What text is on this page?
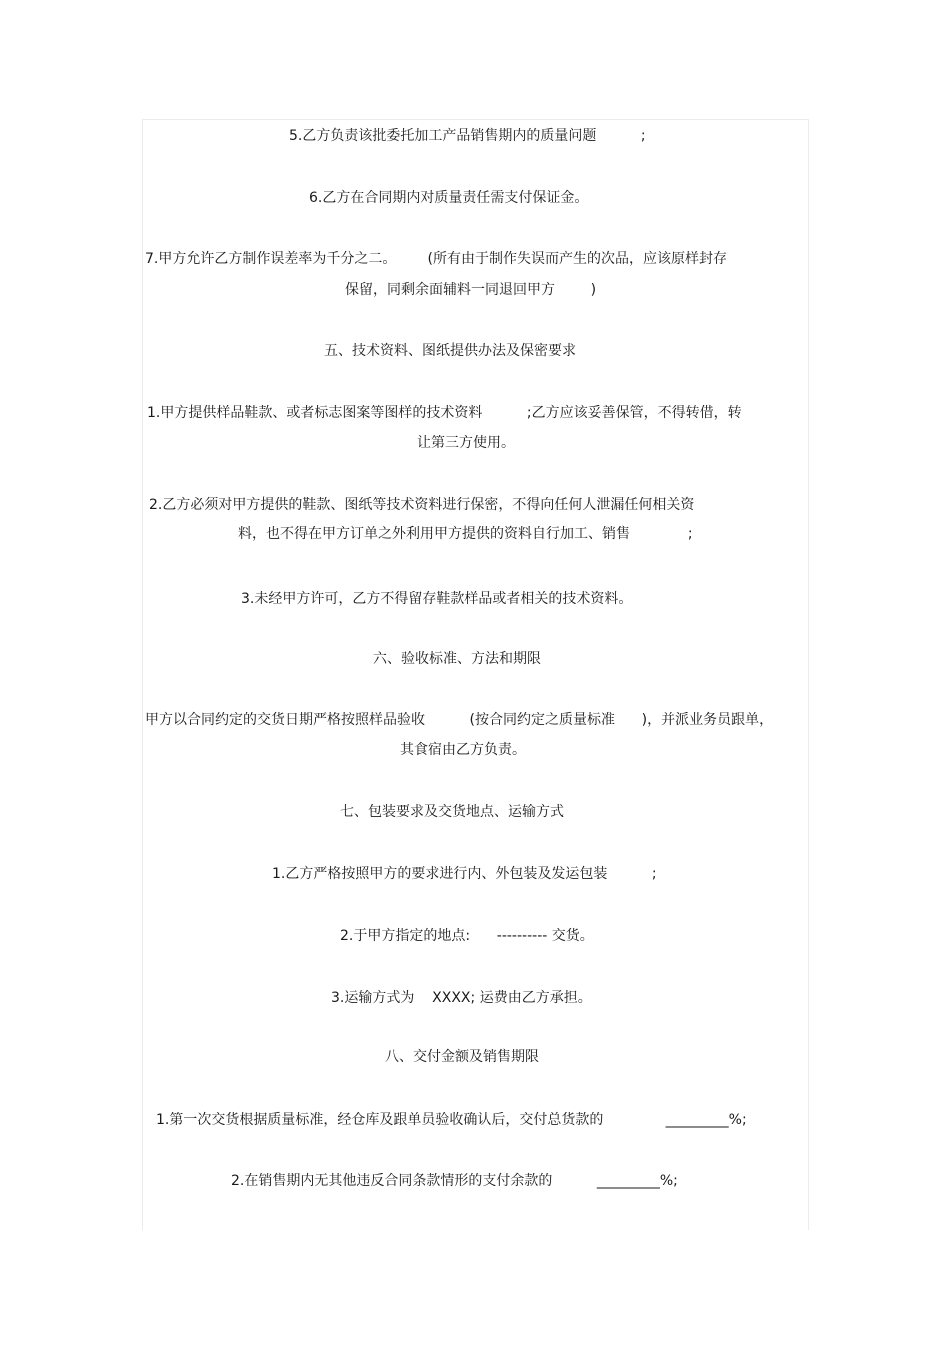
5.乙方负责该批委托加工产品销售期内的质量问题          ;
6.乙方在合同期内对质量责任需支付保证金。
7.甲方允许乙方制作误差率为千分之二。       (所有由于制作失误而产生的次品，应该原样封存
保留，同剩余面辅料一同退回甲方        )
五、技术资料、图纸提供办法及保密要求
1.甲方提供样品鞋款、或者标志图案等图样的技术资料          ;乙方应该妥善保管，不得转借，转
让第三方使用。
2.乙方必须对甲方提供的鞋款、图纸等技术资料进行保密，不得向任何人泄漏任何相关资
料，也不得在甲方订单之外利用甲方提供的资料自行加工、销售             ;
3.未经甲方许可，乙方不得留存鞋款样品或者相关的技术资料。
六、验收标准、方法和期限
甲方以合同约定的交货日期严格按照样品验收          (按合同约定之质量标准      )，并派业务员跟单，
其食宿由乙方负责。
七、包装要求及交货地点、运输方式
1.乙方严格按照甲方的要求进行内、外包装及发运包装          ;
2.于甲方指定的地点:      ---------- 交货。
3.运输方式为    XXXX; 运费由乙方承担。
八、交付金额及销售期限
1.第一次交货根据质量标准，经仓库及跟单员验收确认后，交付总货款的              _________%;
2.在销售期内无其他违反合同条款情形的支付余款的          _________%;
